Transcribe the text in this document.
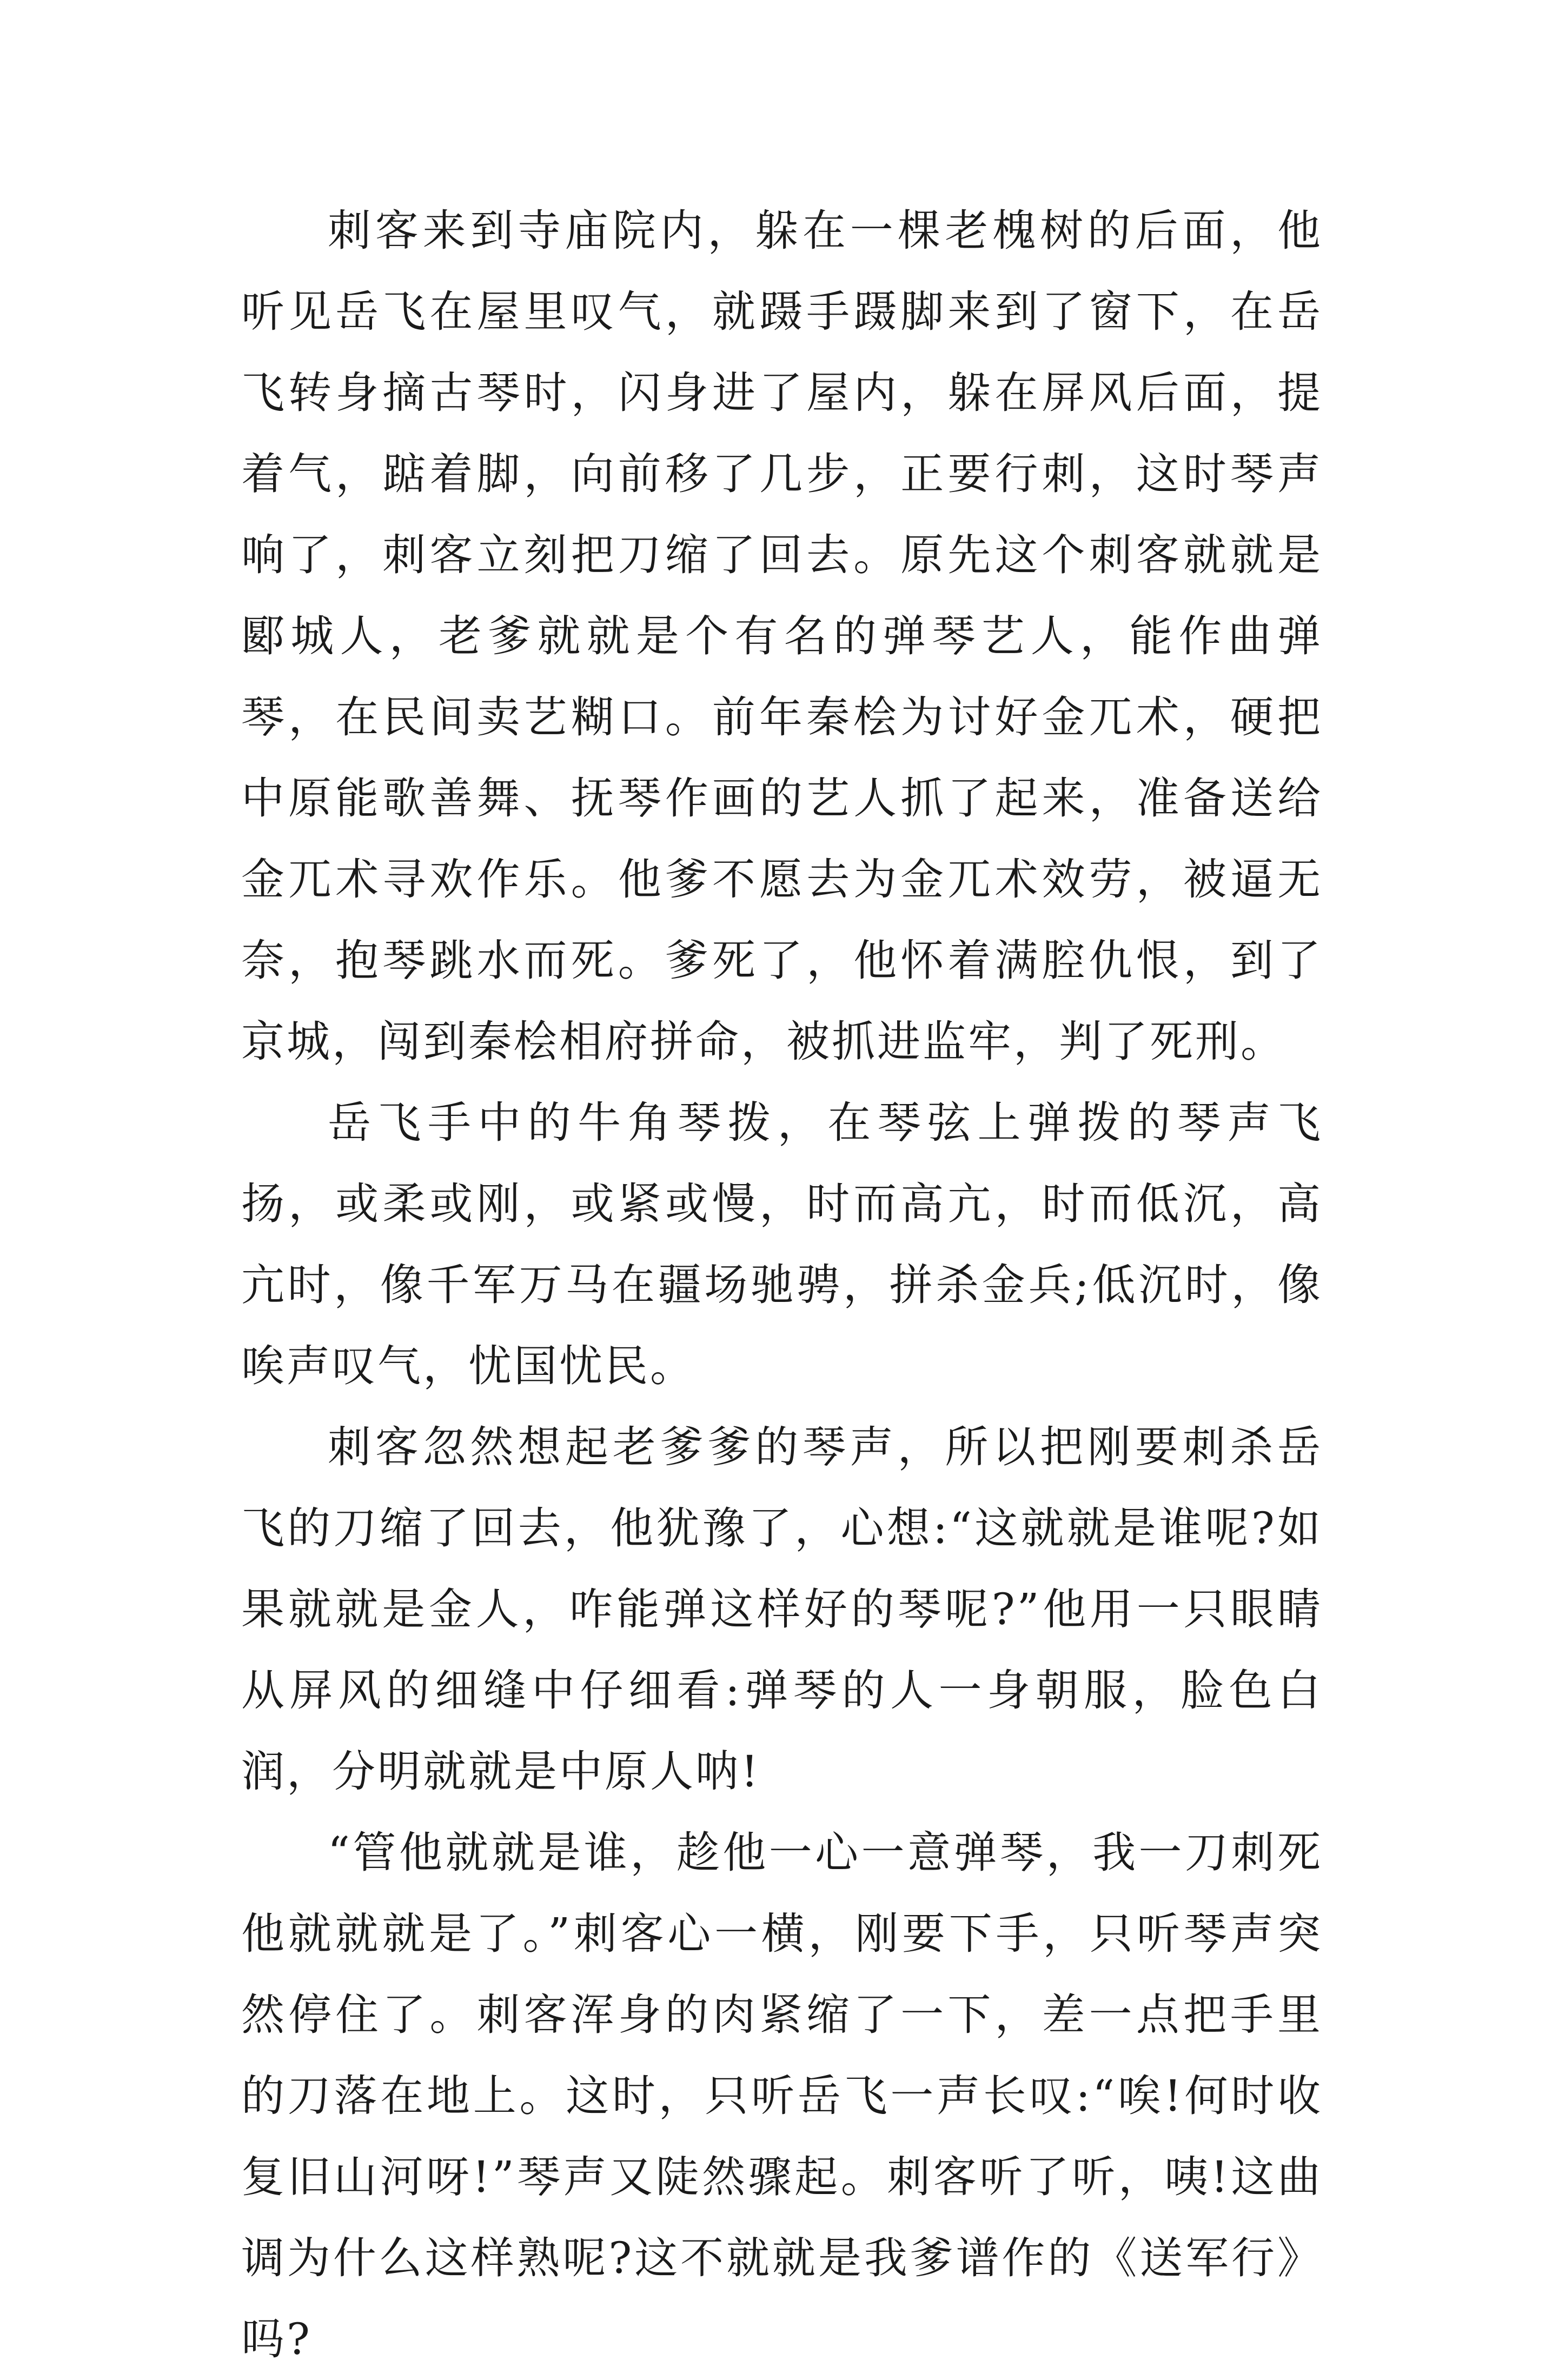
刺客来到寺庙院内，躲在一棵老槐树的后面，他听见岳飞在屋里叹气，就蹑手蹑脚来到了窗下，在岳飞转身摘古琴时，闪身进了屋内，躲在屏风后面，提着气，踮着脚，向前移了几步，正要行刺，这时琴声响了，刺客立刻把刀缩了回去。原先这个刺客就就是郾城人，老爹就就是个有名的弹琴艺人，能作曲弹琴，在民间卖艺糊口。前年秦桧为讨好金兀术，硬把中原能歌善舞、抚琴作画的艺人抓了起来，准备送给金兀术寻欢作乐。他爹不愿去为金兀术效劳，被逼无奈，抱琴跳水而死。爹死了，他怀着满腔仇恨，到了京城，闯到秦桧相府拼命，被抓进监牢，判了死刑。

岳飞手中的牛角琴拨，在琴弦上弹拨的琴声飞扬，或柔或刚，或紧或慢，时而高亢，时而低沉，高亢时，像千军万马在疆场驰骋，拼杀金兵;低沉时，像唉声叹气，忧国忧民。

刺客忽然想起老爹爹的琴声，所以把刚要刺杀岳飞的刀缩了回去，他犹豫了，心想:“这就就是谁呢?如果就就是金人，咋能弹这样好的琴呢?”他用一只眼睛从屏风的细缝中仔细看:弹琴的人一身朝服，脸色白润，分明就就是中原人呐!

“管他就就是谁，趁他一心一意弹琴，我一刀刺死他就就就是了。”刺客心一横，刚要下手，只听琴声突然停住了。刺客浑身的肉紧缩了一下，差一点把手里的刀落在地上。这时，只听岳飞一声长叹:“唉!何时收复旧山河呀!”琴声又陡然骤起。刺客听了听，咦!这曲调为什么这样熟呢?这不就就是我爹谱作的《送军行》吗?
